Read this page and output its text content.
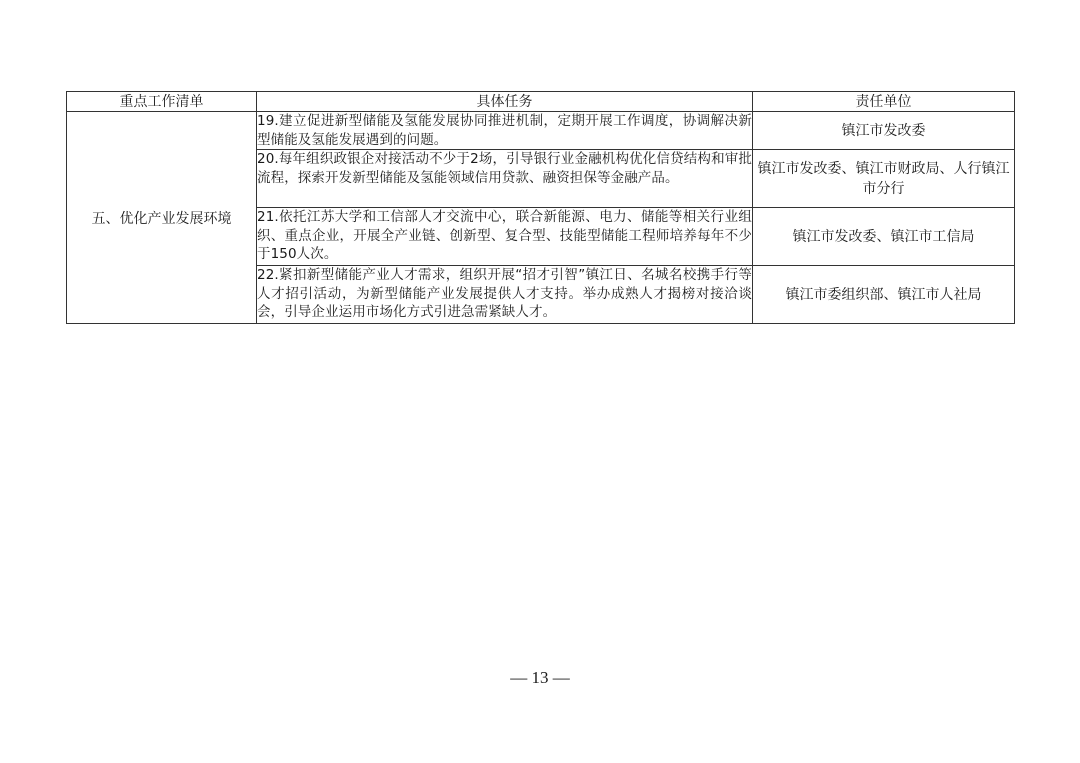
重点工作清单	具体任务	责任单位
五、优化产业发展环境	19.建立促进新型储能及氢能发展协同推进机制，定期开展工作调度，协调解决新型储能及氢能发展遇到的问题。	镇江市发改委
	20.每年组织政银企对接活动不少于2场，引导银行业金融机构优化信贷结构和审批流程，探索开发新型储能及氢能领域信用贷款、融资担保等金融产品。	镇江市发改委、镇江市财政局、人行镇江市分行
	21.依托江苏大学和工信部人才交流中心，联合新能源、电力、储能等相关行业组织、重点企业，开展全产业链、创新型、复合型、技能型储能工程师培养每年不少于150人次。	镇江市发改委、镇江市工信局
	22.紧扣新型储能产业人才需求，组织开展“招才引智”镇江日、名城名校携手行等人才招引活动，为新型储能产业发展提供人才支持。举办成熟人才揭榜对接洽谈会，引导企业运用市场化方式引进急需紧缺人才。	镇江市委组织部、镇江市人社局
— 13 —
